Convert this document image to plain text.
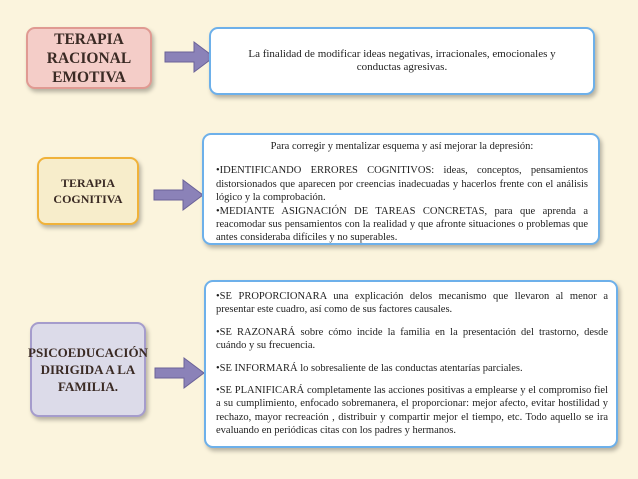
TERAPIA RACIONAL EMOTIVA

La finalidad de modificar ideas negativas, irracionales, emocionales y conductas agresivas.

TERAPIA COGNITIVA

Para corregir y mentalizar esquema y así mejorar la depresión:

•IDENTIFICANDO ERRORES COGNITIVOS: ideas, conceptos, pensamientos distorsionados que aparecen por creencias inadecuadas y hacerlos frente con el análisis lógico y la comprobación.

•MEDIANTE ASIGNACIÓN DE TAREAS CONCRETAS, para que aprenda a reacomodar sus pensamientos con la realidad y que afronte situaciones o problemas que antes consideraba difíciles y no superables.

PSICOEDUCACIÓN DIRIGIDA A LA FAMILIA.

•SE PROPORCIONARA una explicación delos mecanismo que llevaron al menor a presentar este cuadro, así como de sus factores causales.

•SE RAZONARÁ sobre cómo incide la familia en la presentación del trastorno, desde cuándo y su frecuencia.

•SE INFORMARÁ lo sobresaliente de las conductas atentarías parciales.

•SE PLANIFICARÁ completamente las acciones positivas a emplearse y el compromiso fiel a su cumplimiento, enfocado sobremanera, el proporcionar: mejor afecto, evitar hostilidad y rechazo, mayor recreación , distribuir y compartir mejor el tiempo, etc. Todo aquello se ira evaluando en periódicas citas con los padres y hermanos.
